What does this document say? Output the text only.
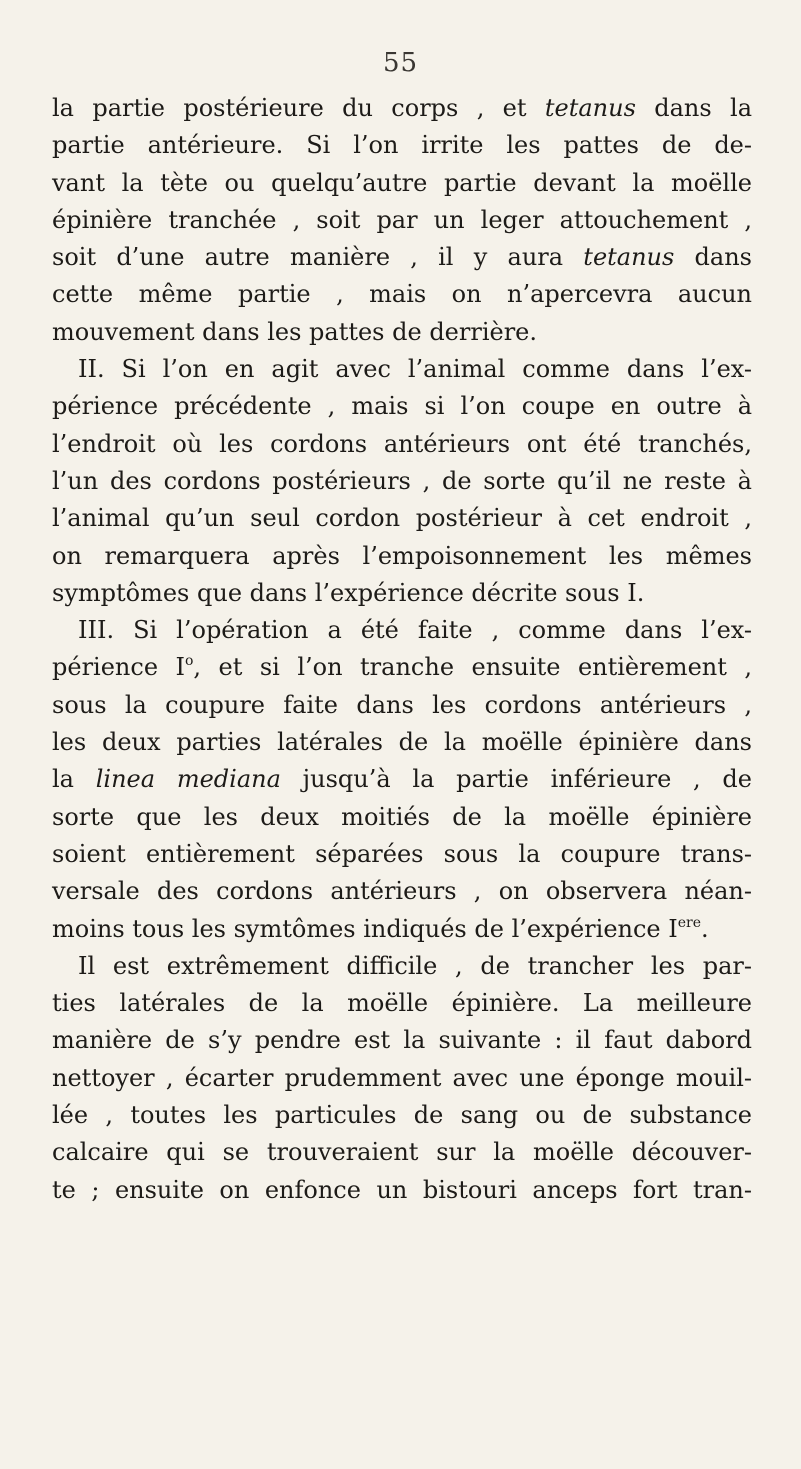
55
la partie postérieure du corps , et tetanus dans la
partie antérieure. Si l’on irrite les pattes de de-
vant la tète ou quelqu’autre partie devant la moëlle
épinière tranchée , soit par un leger attouchement ,
soit d’une autre manière , il y aura tetanus dans
cette même partie , mais on n’apercevra aucun
mouvement dans les pattes de derrière.
II. Si l’on en agit avec l’animal comme dans l’ex-
périence précédente , mais si l’on coupe en outre à
l’endroit où les cordons antérieurs ont été tranchés,
l’un des cordons postérieurs , de sorte qu’il ne reste à
l’animal qu’un seul cordon postérieur à cet endroit ,
on remarquera après l’empoisonnement les mêmes
symptômes que dans l’expérience décrite sous I.
III. Si l’opération a été faite , comme dans l’ex-
périence $I^o$, et si l’on tranche ensuite entièrement ,
sous la coupure faite dans les cordons antérieurs ,
les deux parties latérales de la moëlle épinière dans
la linea mediana jusqu’à la partie inférieure , de
sorte que les deux moitiés de la moëlle épinière
soient entièrement séparées sous la coupure trans-
versale des cordons antérieurs , on observera néan-
moins tous les symtômes indiqués de l’expérience Iere.
Il est extrêmement difficile , de trancher les par-
ties latérales de la moëlle épinière. La meilleure
manière de s’y pendre est la suivante : il faut dabord
nettoyer , écarter prudemment avec une éponge mouil-
lée , toutes les particules de sang ou de substance
calcaire qui se trouveraient sur la moëlle découver-
te ; ensuite on enfonce un bistouri anceps fort tran-
